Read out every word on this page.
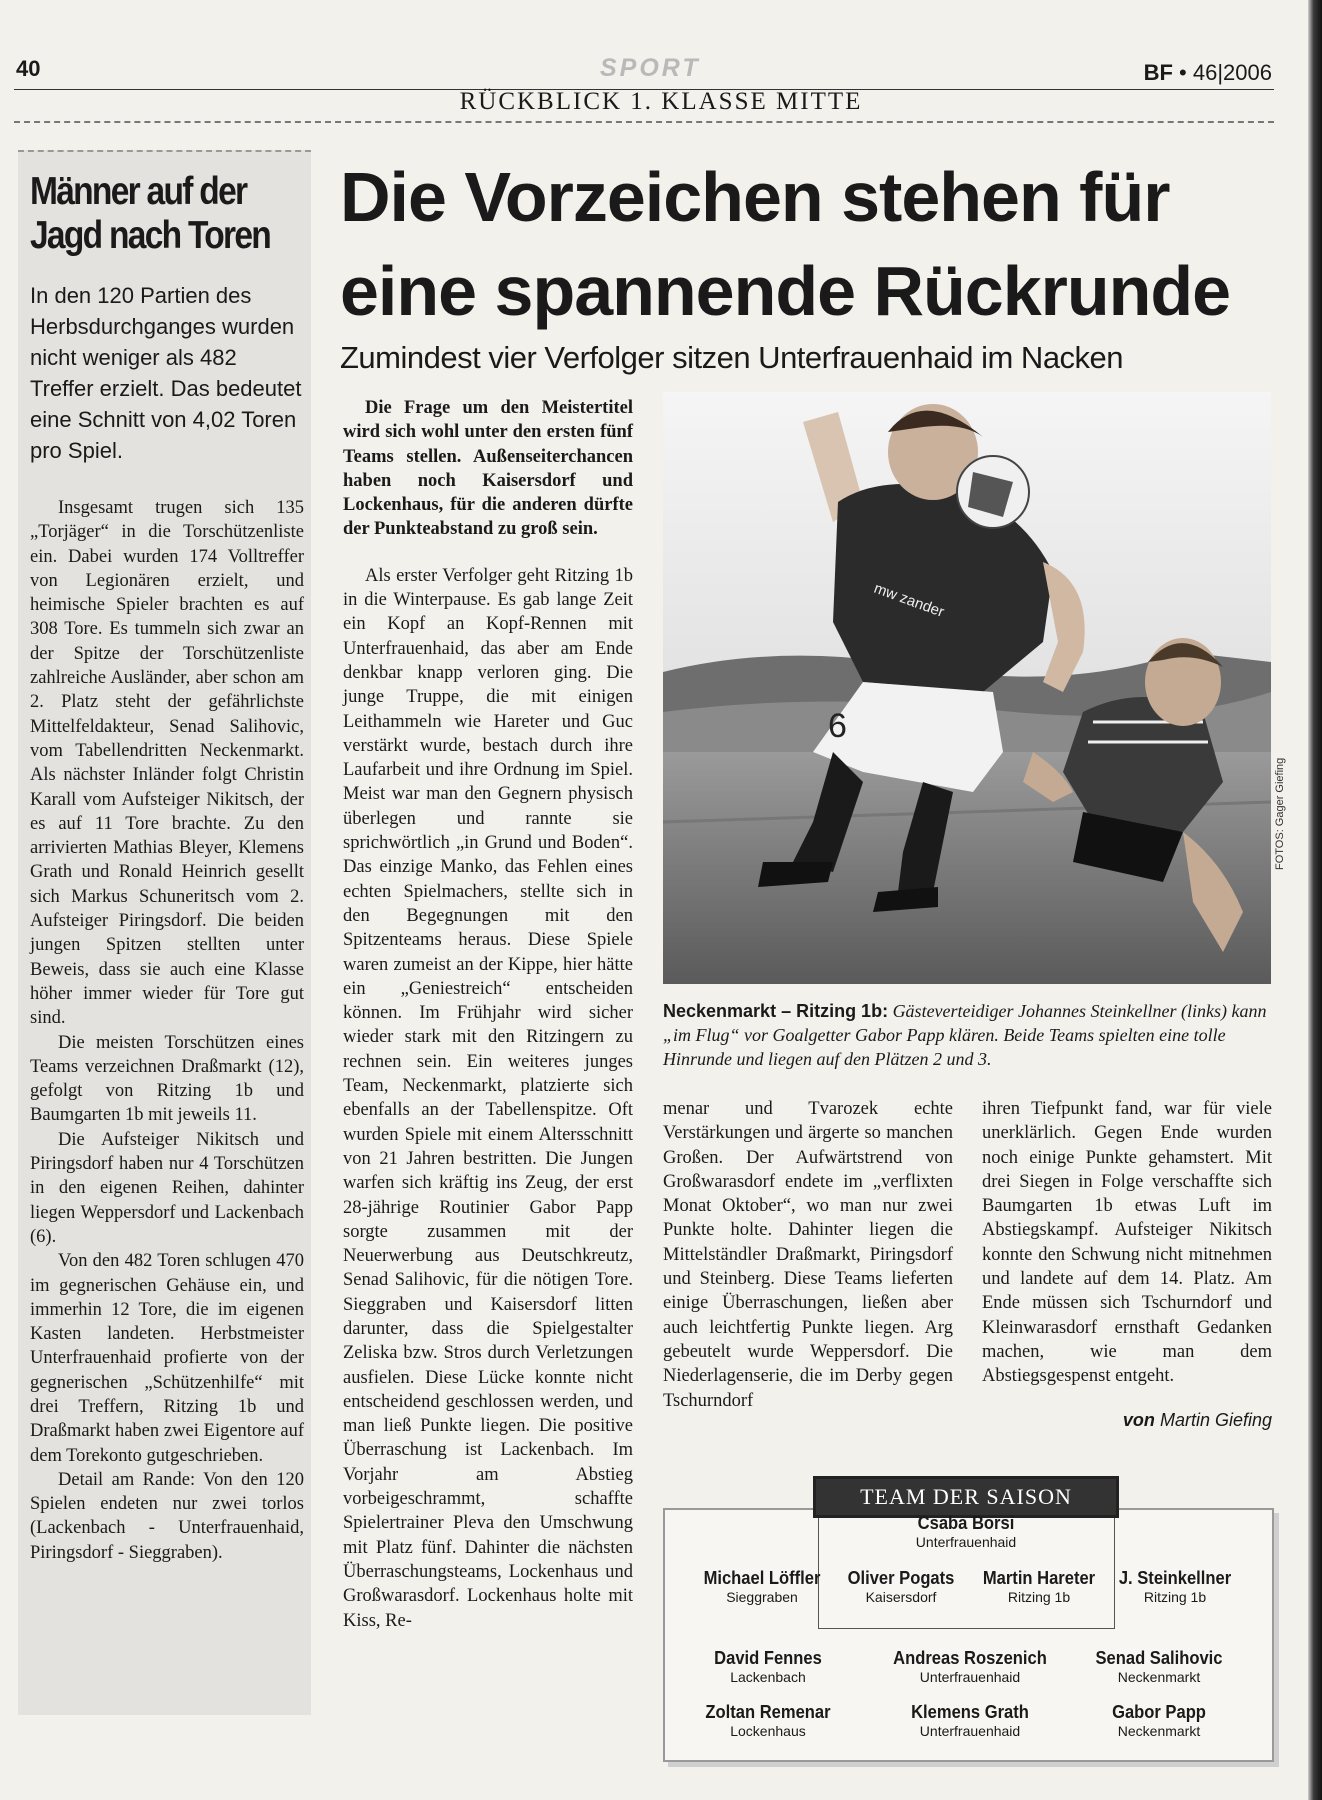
40	SPORT	BF • 46|2006
RÜCKBLICK 1. KLASSE MITTE
Männer auf der
Jagd nach Toren
In den 120 Partien des Herbsdurchganges wurden nicht weniger als 482 Treffer erzielt. Das bedeutet eine Schnitt von 4,02 Toren pro Spiel.

Insgesamt trugen sich 135 „Torjäger“ in die Torschützenliste ein. Dabei wurden 174 Volltreffer von Legionären erzielt, und heimische Spieler brachten es auf 308 Tore. Es tummeln sich zwar an der Spitze der Torschützenliste zahlreiche Ausländer, aber schon am 2. Platz steht der gefährlichste Mittelfeldakteur, Senad Salihovic, vom Tabellendritten Neckenmarkt. Als nächster Inländer folgt Christin Karall vom Aufsteiger Nikitsch, der es auf 11 Tore brachte. Zu den arrivierten Mathias Bleyer, Klemens Grath und Ronald Heinrich gesellt sich Markus Schuneritsch vom 2. Aufsteiger Piringsdorf. Die beiden jungen Spitzen stellten unter Beweis, dass sie auch eine Klasse höher immer wieder für Tore gut sind.

Die meisten Torschützen eines Teams verzeichnen Draßmarkt (12), gefolgt von Ritzing 1b und Baumgarten 1b mit jeweils 11.

Die Aufsteiger Nikitsch und Piringsdorf haben nur 4 Torschützen in den eigenen Reihen, dahinter liegen Weppersdorf und Lackenbach (6).

Von den 482 Toren schlugen 470 im gegnerischen Gehäuse ein, und immerhin 12 Tore, die im eigenen Kasten landeten. Herbstmeister Unterfrauenhaid profierte von der gegnerischen „Schützenhilfe“ mit drei Treffern, Ritzing 1b und Draßmarkt haben zwei Eigentore auf dem Torekonto gutgeschrieben.

Detail am Rande: Von den 120 Spielen endeten nur zwei torlos (Lackenbach - Unterfrauenhaid, Piringsdorf - Sieggraben).

Die Vorzeichen stehen für
eine spannende Rückrunde
Zumindest vier Verfolger sitzen Unterfrauenhaid im Nacken

Die Frage um den Meistertitel wird sich wohl unter den ersten fünf Teams stellen. Außenseiterchancen haben noch Kaisersdorf und Lockenhaus, für die anderen dürfte der Punkteabstand zu groß sein.

Als erster Verfolger geht Ritzing 1b in die Winterpause. Es gab lange Zeit ein Kopf an Kopf-Rennen mit Unterfrauenhaid, das aber am Ende denkbar knapp verloren ging. Die junge Truppe, die mit einigen Leithammeln wie Hareter und Guc verstärkt wurde, bestach durch ihre Laufarbeit und ihre Ordnung im Spiel. Meist war man den Gegnern physisch überlegen und rannte sie sprichwörtlich „in Grund und Boden“. Das einzige Manko, das Fehlen eines echten Spielmachers, stellte sich in den Begegnungen mit den Spitzenteams heraus. Diese Spiele waren zumeist an der Kippe, hier hätte ein „Geniestreich“ entscheiden können. Im Frühjahr wird sicher wieder stark mit den Ritzingern zu rechnen sein. Ein weiteres junges Team, Neckenmarkt, platzierte sich ebenfalls an der Tabellenspitze. Oft wurden Spiele mit einem Altersschnitt von 21 Jahren bestritten. Die Jungen warfen sich kräftig ins Zeug, der erst 28-jährige Routinier Gabor Papp sorgte zusammen mit der Neuerwerbung aus Deutschkreutz, Senad Salihovic, für die nötigen Tore. Sieggraben und Kaisersdorf litten darunter, dass die Spielgestalter Zeliska bzw. Stros durch Verletzungen ausfielen. Diese Lücke konnte nicht entscheidend geschlossen werden, und man ließ Punkte liegen. Die positive Überraschung ist Lackenbach. Im Vorjahr am Abstieg vorbeigeschrammt, schaffte Spielertrainer Pleva den Umschwung mit Platz fünf. Dahinter die nächsten Überraschungsteams, Lockenhaus und Großwarasdorf. Lockenhaus holte mit Kiss, Re-

6
mw zander
FOTOS: Gager Giefing
Neckenmarkt – Ritzing 1b: Gästeverteidiger Johannes Steinkellner (links) kann „im Flug“ vor Goalgetter Gabor Papp klären. Beide Teams spielten eine tolle Hinrunde und liegen auf den Plätzen 2 und 3.

menar und Tvarozek echte Verstärkungen und ärgerte so manchen Großen. Der Aufwärtstrend von Großwarasdorf endete im „verflixten Monat Oktober“, wo man nur zwei Punkte holte. Dahinter liegen die Mittelständler Draßmarkt, Piringsdorf und Steinberg. Diese Teams lieferten einige Überraschungen, ließen aber auch leichtfertig Punkte liegen. Arg gebeutelt wurde Weppersdorf. Die Niederlagenserie, die im Derby gegen Tschurndorf

ihren Tiefpunkt fand, war für viele unerklärlich. Gegen Ende wurden noch einige Punkte gehamstert. Mit drei Siegen in Folge verschaffte sich Baumgarten 1b etwas Luft im Abstiegskampf. Aufsteiger Nikitsch konnte den Schwung nicht mitnehmen und landete auf dem 14. Platz. Am Ende müssen sich Tschurndorf und Kleinwarasdorf ernsthaft Gedanken machen, wie man dem Abstiegsgespenst entgeht.

von Martin Giefing
TEAM DER SAISON
Csaba Borsi
Unterfrauenhaid
Michael Löffler
Sieggraben
Oliver Pogats
Kaisersdorf
Martin Hareter
Ritzing 1b
J. Steinkellner
Ritzing 1b
David Fennes
Lackenbach
Andreas Roszenich
Unterfrauenhaid
Senad Salihovic
Neckenmarkt
Zoltan Remenar
Lockenhaus
Klemens Grath
Unterfrauenhaid
Gabor Papp
Neckenmarkt
